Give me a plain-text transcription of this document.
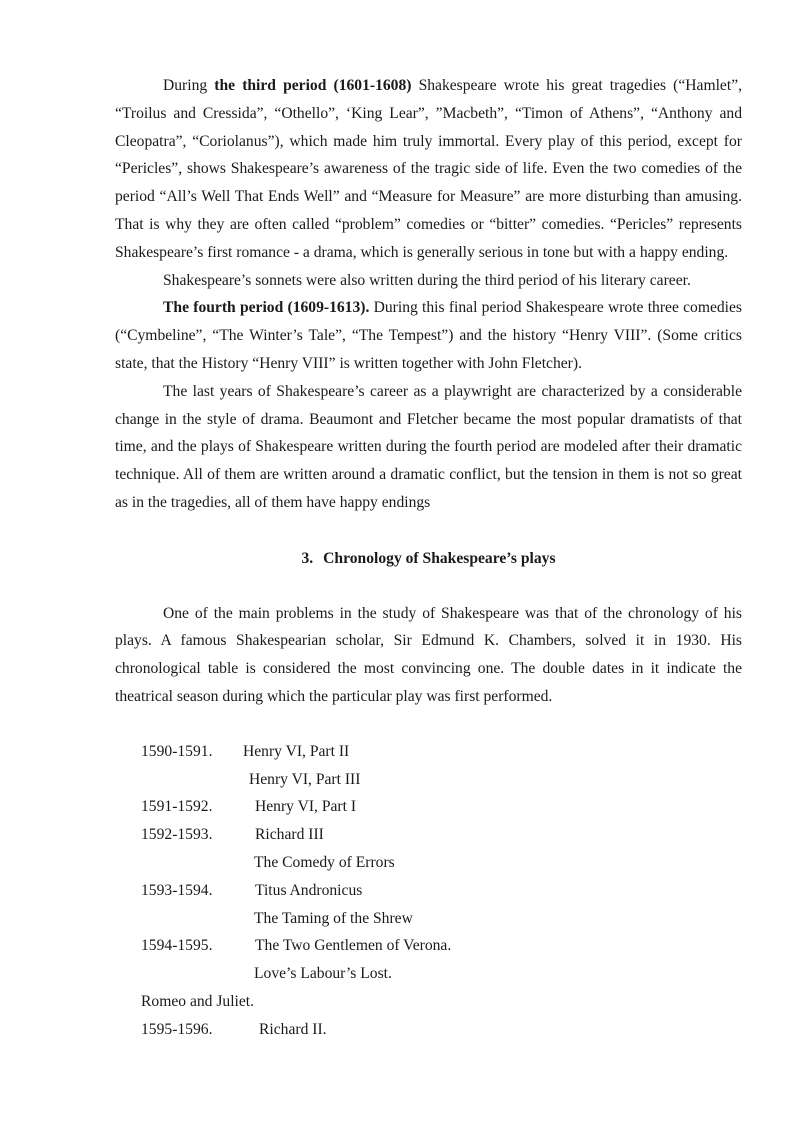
During the third period (1601-1608) Shakespeare wrote his great tragedies (“Hamlet”, “Troilus and Cressida”, “Othello”, ‘King Lear”, ”Macbeth”, “Timon of Athens”, “Anthony and Cleopatra”, “Coriolanus”), which made him truly immortal. Every play of this period, except for “Pericles”, shows Shakespeare’s awareness of the tragic side of life. Even the two comedies of the period “All’s Well That Ends Well” and “Measure for Measure” are more disturbing than amusing. That is why they are often called “problem” comedies or “bitter” comedies. “Pericles” represents Shakespeare’s first romance - a drama, which is generally serious in tone but with a happy ending.

Shakespeare’s sonnets were also written during the third period of his literary career.

The fourth period (1609-1613). During this final period Shakespeare wrote three comedies (“Cymbeline”, “The Winter’s Tale”, “The Tempest”) and the history “Henry VIII”. (Some critics state, that the History “Henry VIII” is written together with John Fletcher).

The last years of Shakespeare’s career as a playwright are characterized by a considerable change in the style of drama. Beaumont and Fletcher became the most popular dramatists of that time, and the plays of Shakespeare written during the fourth period are modeled after their dramatic technique. All of them are written around a dramatic conflict, but the tension in them is not so great as in the tragedies, all of them have happy endings

3. Chronology of Shakespeare’s plays

One of the main problems in the study of Shakespeare was that of the chronology of his plays. A famous Shakespearian scholar, Sir Edmund K. Chambers, solved it in 1930. His chronological table is considered the most convincing one. The double dates in it indicate the theatrical season during which the particular play was first performed.

1590-1591. Henry VI, Part II
Henry VI, Part III
1591-1592.	Henry VI, Part I
1592-1593.	Richard III
The Comedy of Errors
1593-1594.	Titus Andronicus
The Taming of the Shrew
1594-1595.	The Two Gentlemen of Verona.
Love’s Labour’s Lost.
Romeo and Juliet.
1595-1596.	Richard II.
